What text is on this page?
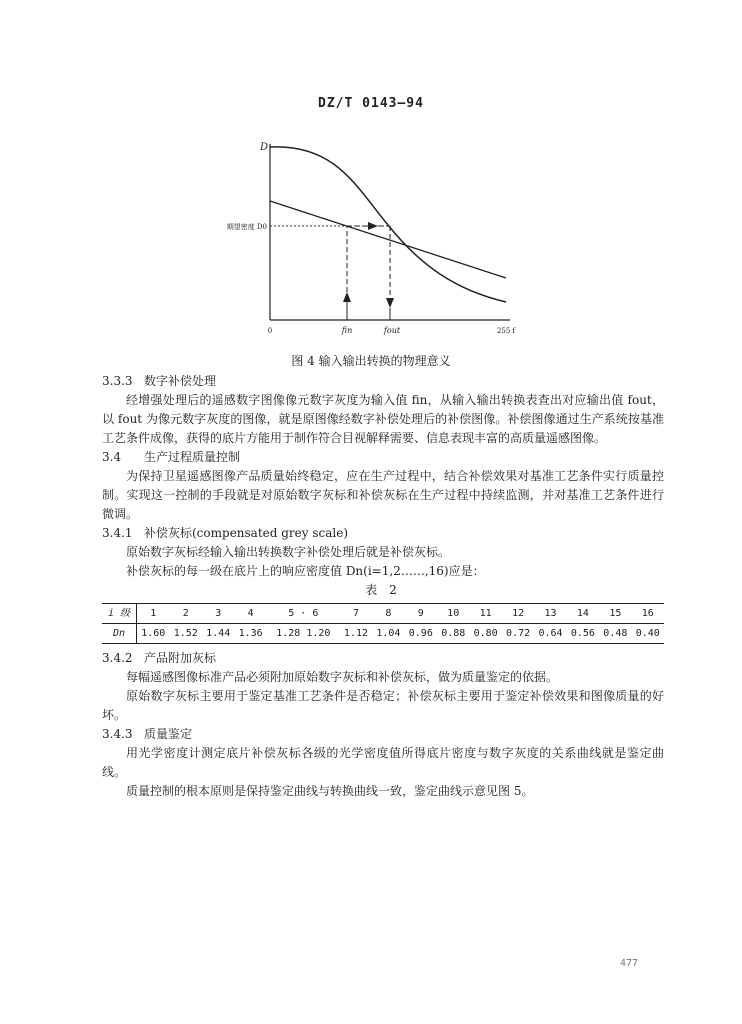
DZ/T 0143—94
D
期望密度 D0
0	fin	fout	255 f
图 4 输入输出转换的物理意义

3.3.3 数字补偿处理

经增强处理后的遥感数字图像像元数字灰度为输入值 fin，从输入输出转换表查出对应输出值 fout，以 fout 为像元数字灰度的图像，就是原图像经数字补偿处理后的补偿图像。补偿图像通过生产系统按基准工艺条件成像，获得的底片方能用于制作符合目视解释需要、信息表现丰富的高质量遥感图像。

3.4 生产过程质量控制

为保持卫星遥感图像产品质量始终稳定，应在生产过程中，结合补偿效果对基准工艺条件实行质量控制。实现这一控制的手段就是对原始数字灰标和补偿灰标在生产过程中持续监测，并对基准工艺条件进行微调。

3.4.1 补偿灰标(compensated grey scale)

原始数字灰标经输入输出转换数字补偿处理后就是补偿灰标。

补偿灰标的每一级在底片上的响应密度值 Dn(i=1,2……,16)应是：

表 2

i 级	1	2	3	4	5 · 6	7	8	9	10	11	12	13	14	15	16
Dn	1.60	1.52	1.44	1.36	1.28 1.20	1.12	1.04	0.96	0.88	0.80	0.72	0.64	0.56	0.48	0.40

3.4.2 产品附加灰标

每幅遥感图像标准产品必须附加原始数字灰标和补偿灰标，做为质量鉴定的依据。

原始数字灰标主要用于鉴定基准工艺条件是否稳定；补偿灰标主要用于鉴定补偿效果和图像质量的好坏。

3.4.3 质量鉴定

用光学密度计测定底片补偿灰标各级的光学密度值所得底片密度与数字灰度的关系曲线就是鉴定曲线。

质量控制的根本原则是保持鉴定曲线与转换曲线一致，鉴定曲线示意见图 5。

477
